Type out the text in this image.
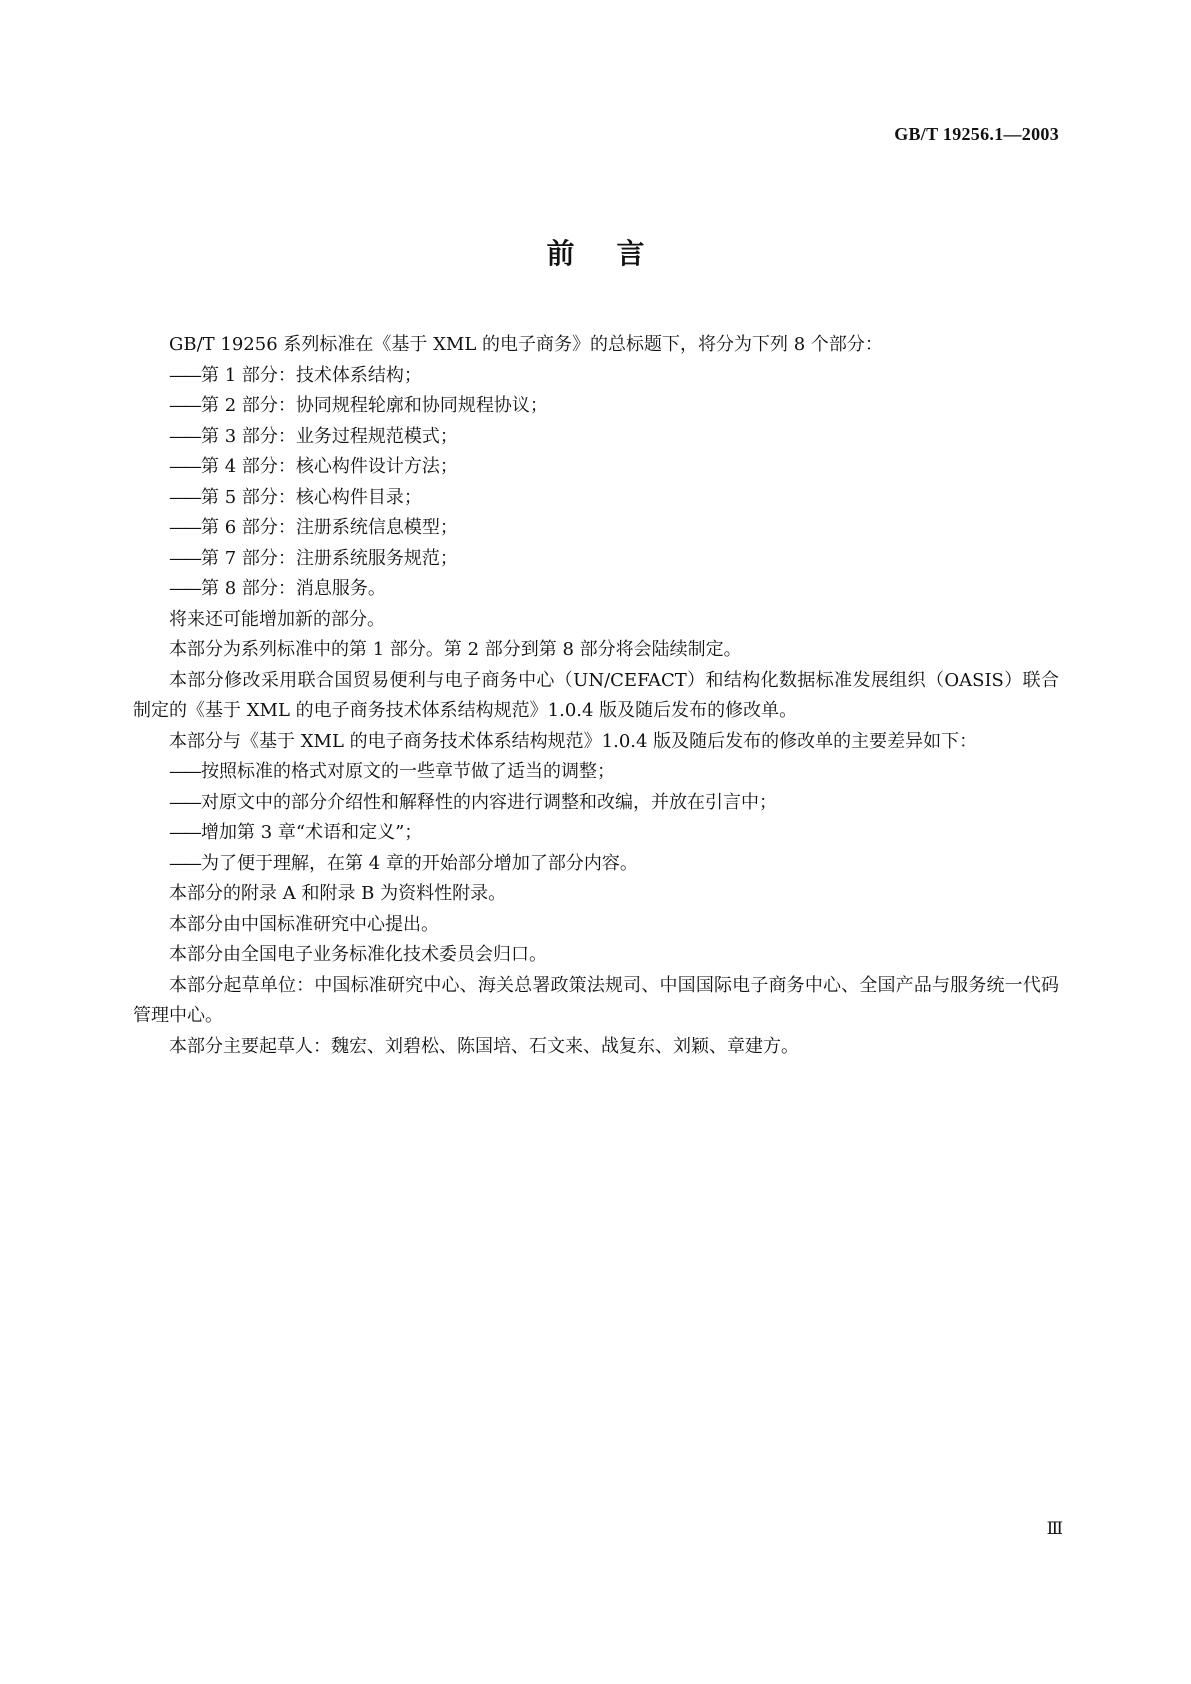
GB/T 19256.1—2003
前言

GB/T 19256 系列标准在《基于 XML 的电子商务》的总标题下，将分为下列 8 个部分：

—— 第 1 部分：技术体系结构；

—— 第 2 部分：协同规程轮廓和协同规程协议；

—— 第 3 部分：业务过程规范模式；

—— 第 4 部分：核心构件设计方法；

—— 第 5 部分：核心构件目录；

—— 第 6 部分：注册系统信息模型；

—— 第 7 部分：注册系统服务规范；

—— 第 8 部分：消息服务。

将来还可能增加新的部分。

本部分为系列标准中的第 1 部分。第 2 部分到第 8 部分将会陆续制定。

本部分修改采用联合国贸易便利与电子商务中心（UN/CEFACT）和结构化数据标准发展组织（OASIS）联合制定的《基于 XML 的电子商务技术体系结构规范》1.0.4 版及随后发布的修改单。

本部分与《基于 XML 的电子商务技术体系结构规范》1.0.4 版及随后发布的修改单的主要差异如下：

—— 按照标准的格式对原文的一些章节做了适当的调整；

—— 对原文中的部分介绍性和解释性的内容进行调整和改编，并放在引言中；

—— 增加第 3 章“术语和定义”；

—— 为了便于理解，在第 4 章的开始部分增加了部分内容。

本部分的附录 A 和附录 B 为资料性附录。

本部分由中国标准研究中心提出。

本部分由全国电子业务标准化技术委员会归口。

本部分起草单位：中国标准研究中心、海关总署政策法规司、中国国际电子商务中心、全国产品与服务统一代码管理中心。

本部分主要起草人：魏宏、刘碧松、陈国培、石文来、战复东、刘颖、章建方。

Ⅲ
